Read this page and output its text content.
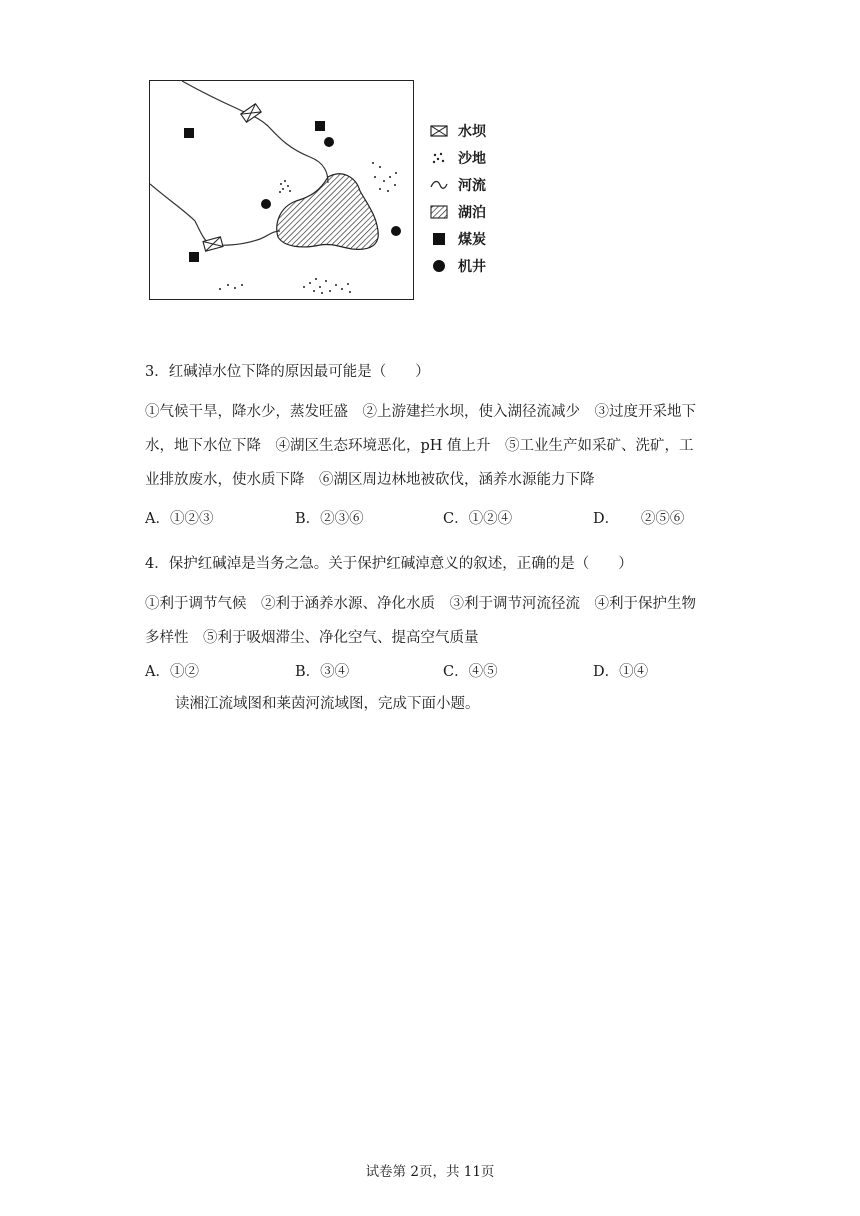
水坝
沙地
河流
湖泊
煤炭
机井
3．红碱淖水位下降的原因最可能是（　　）
①气候干旱，降水少，蒸发旺盛　②上游建拦水坝，使入湖径流减少　③过度开采地下
水，地下水位下降　④湖区生态环境恶化，pH 值上升　⑤工业生产如采矿、洗矿，工
业排放废水，使水质下降　⑥湖区周边林地被砍伐，涵养水源能力下降
A．①②③	B．②③⑥	C．①②④	D．　　②⑤⑥
4．保护红碱淖是当务之急。关于保护红碱淖意义的叙述，正确的是（　　）
①利于调节气候　②利于涵养水源、净化水质　③利于调节河流径流　④利于保护生物
多样性　⑤利于吸烟滞尘、净化空气、提高空气质量
A．①②	B．③④	C．④⑤	D．①④
读湘江流域图和莱茵河流域图，完成下面小题。
试卷第 2页，共 11页
